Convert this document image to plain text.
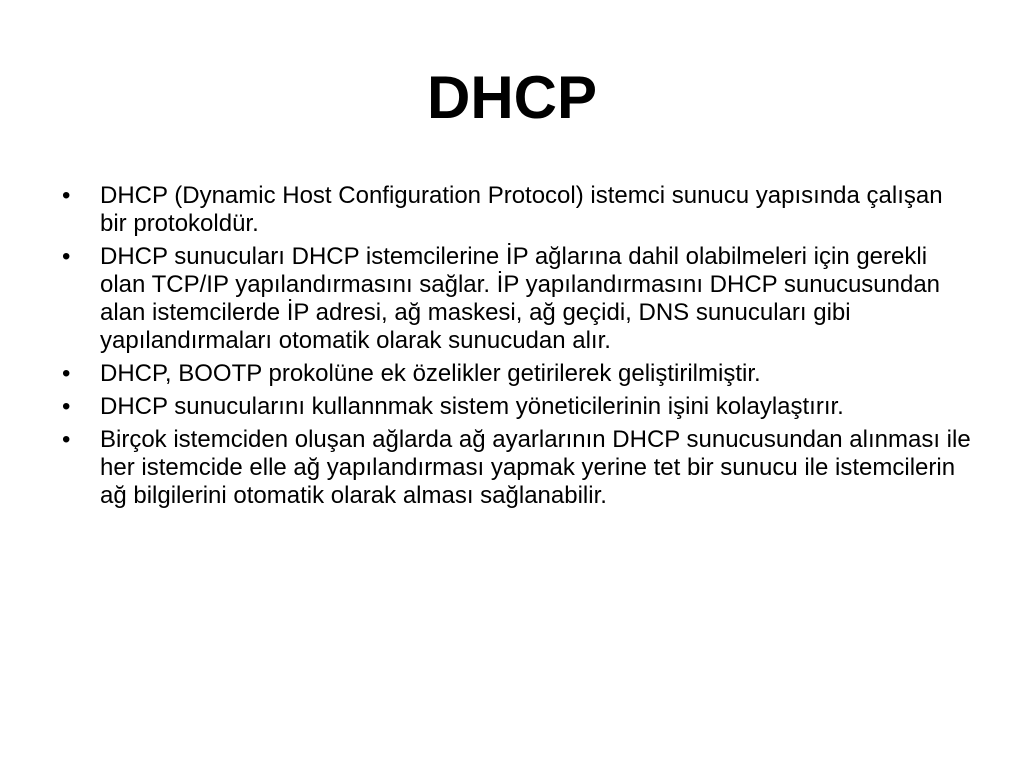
DHCP
•	DHCP (Dynamic Host Configuration Protocol) istemci sunucu yapısında çalışan bir protokoldür.
•	DHCP sunucuları DHCP istemcilerine İP ağlarına dahil olabilmeleri için gerekli olan TCP/IP yapılandırmasını sağlar. İP yapılandırmasını DHCP sunucusundan alan istemcilerde İP adresi, ağ maskesi, ağ geçidi, DNS sunucuları gibi yapılandırmaları otomatik olarak sunucudan alır.
•	DHCP, BOOTP prokolüne ek özelikler getirilerek geliştirilmiştir.
•	DHCP sunucularını kullannmak sistem yöneticilerinin işini kolaylaştırır.
•	Birçok istemciden oluşan ağlarda ağ ayarlarının DHCP sunucusundan alınması ile her istemcide elle ağ yapılandırması yapmak yerine tet bir sunucu ile istemcilerin ağ bilgilerini otomatik olarak alması sağlanabilir.
